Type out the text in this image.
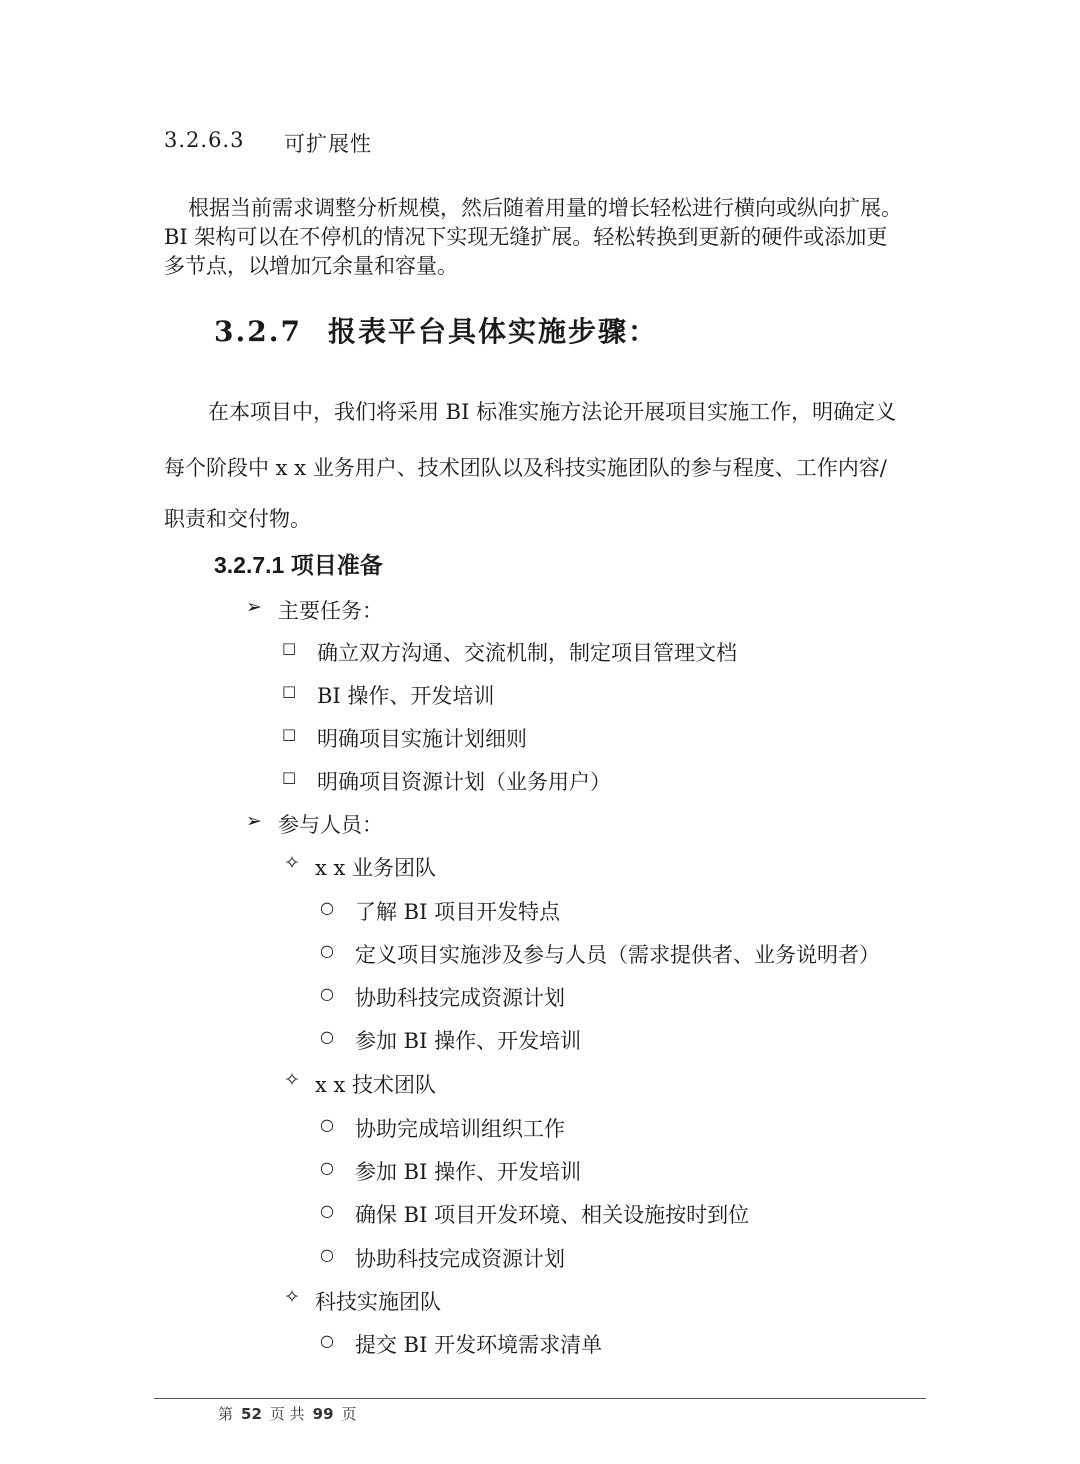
3.2.6.3 可扩展性
根据当前需求调整分析规模，然后随着用量的增长轻松进行横向或纵向扩展。
BI 架构可以在不停机的情况下实现无缝扩展。轻松转换到更新的硬件或添加更
多节点，以增加冗余量和容量。
3.2.7 报表平台具体实施步骤：
在本项目中，我们将采用 BI 标准实施方法论开展项目实施工作，明确定义
每个阶段中 x x 业务用户、技术团队以及科技实施团队的参与程度、工作内容/
职责和交付物。
3.2.7.1 项目准备
➢ 主要任务：
□ 确立双方沟通、交流机制，制定项目管理文档
□ BI 操作、开发培训
□ 明确项目实施计划细则
□ 明确项目资源计划（业务用户）
➢ 参与人员：
✧ x x 业务团队
○ 了解 BI 项目开发特点
○ 定义项目实施涉及参与人员（需求提供者、业务说明者）
○ 协助科技完成资源计划
○ 参加 BI 操作、开发培训
✧ x x 技术团队
○ 协助完成培训组织工作
○ 参加 BI 操作、开发培训
○ 确保 BI 项目开发环境、相关设施按时到位
○ 协助科技完成资源计划
✧ 科技实施团队
○ 提交 BI 开发环境需求清单
第 52 页 共 99 页
